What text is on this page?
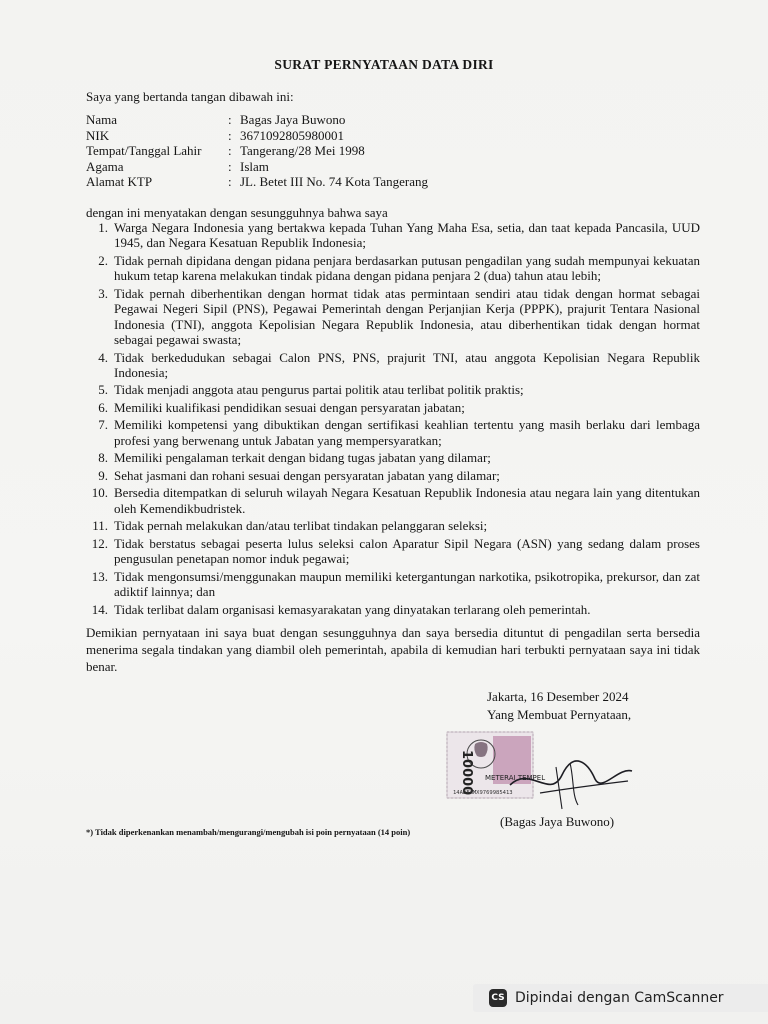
SURAT PERNYATAAN DATA DIRI
Saya yang bertanda tangan dibawah ini:
Nama	: Bagas Jaya Buwono
NIK	: 3671092805980001
Tempat/Tanggal Lahir	: Tangerang/28 Mei 1998
Agama	: Islam
Alamat KTP	: JL. Betet III No. 74 Kota Tangerang
dengan ini menyatakan dengan sesungguhnya bahwa saya
1. Warga Negara Indonesia yang bertakwa kepada Tuhan Yang Maha Esa, setia, dan taat kepada Pancasila, UUD 1945, dan Negara Kesatuan Republik Indonesia;
2. Tidak pernah dipidana dengan pidana penjara berdasarkan putusan pengadilan yang sudah mempunyai kekuatan hukum tetap karena melakukan tindak pidana dengan pidana penjara 2 (dua) tahun atau lebih;
3. Tidak pernah diberhentikan dengan hormat tidak atas permintaan sendiri atau tidak dengan hormat sebagai Pegawai Negeri Sipil (PNS), Pegawai Pemerintah dengan Perjanjian Kerja (PPPK), prajurit Tentara Nasional Indonesia (TNI), anggota Kepolisian Negara Republik Indonesia, atau diberhentikan tidak dengan hormat sebagai pegawai swasta;
4. Tidak berkedudukan sebagai Calon PNS, PNS, prajurit TNI, atau anggota Kepolisian Negara Republik Indonesia;
5. Tidak menjadi anggota atau pengurus partai politik atau terlibat politik praktis;
6. Memiliki kualifikasi pendidikan sesuai dengan persyaratan jabatan;
7. Memiliki kompetensi yang dibuktikan dengan sertifikasi keahlian tertentu yang masih berlaku dari lembaga profesi yang berwenang untuk Jabatan yang mempersyaratkan;
8. Memiliki pengalaman terkait dengan bidang tugas jabatan yang dilamar;
9. Sehat jasmani dan rohani sesuai dengan persyaratan jabatan yang dilamar;
10. Bersedia ditempatkan di seluruh wilayah Negara Kesatuan Republik Indonesia atau negara lain yang ditentukan oleh Kemendikbudristek.
11. Tidak pernah melakukan dan/atau terlibat tindakan pelanggaran seleksi;
12. Tidak berstatus sebagai peserta lulus seleksi calon Aparatur Sipil Negara (ASN) yang sedang dalam proses pengusulan penetapan nomor induk pegawai;
13. Tidak mengonsumsi/menggunakan maupun memiliki ketergantungan narkotika, psikotropika, prekursor, dan zat adiktif lainnya; dan
14. Tidak terlibat dalam organisasi kemasyarakatan yang dinyatakan terlarang oleh pemerintah.
Demikian pernyataan ini saya buat dengan sesungguhnya dan saya bersedia dituntut di pengadilan serta bersedia menerima segala tindakan yang diambil oleh pemerintah, apabila di kemudian hari terbukti pernyataan saya ini tidak benar.
Jakarta, 16 Desember 2024
Yang Membuat Pernyataan,
10000 METERAI TEMPEL
14ADFAMX9769985413
(Bagas Jaya Buwono)
*) Tidak diperkenankan menambah/mengurangi/mengubah isi poin pernyataan (14 poin)
CS Dipindai dengan CamScanner
